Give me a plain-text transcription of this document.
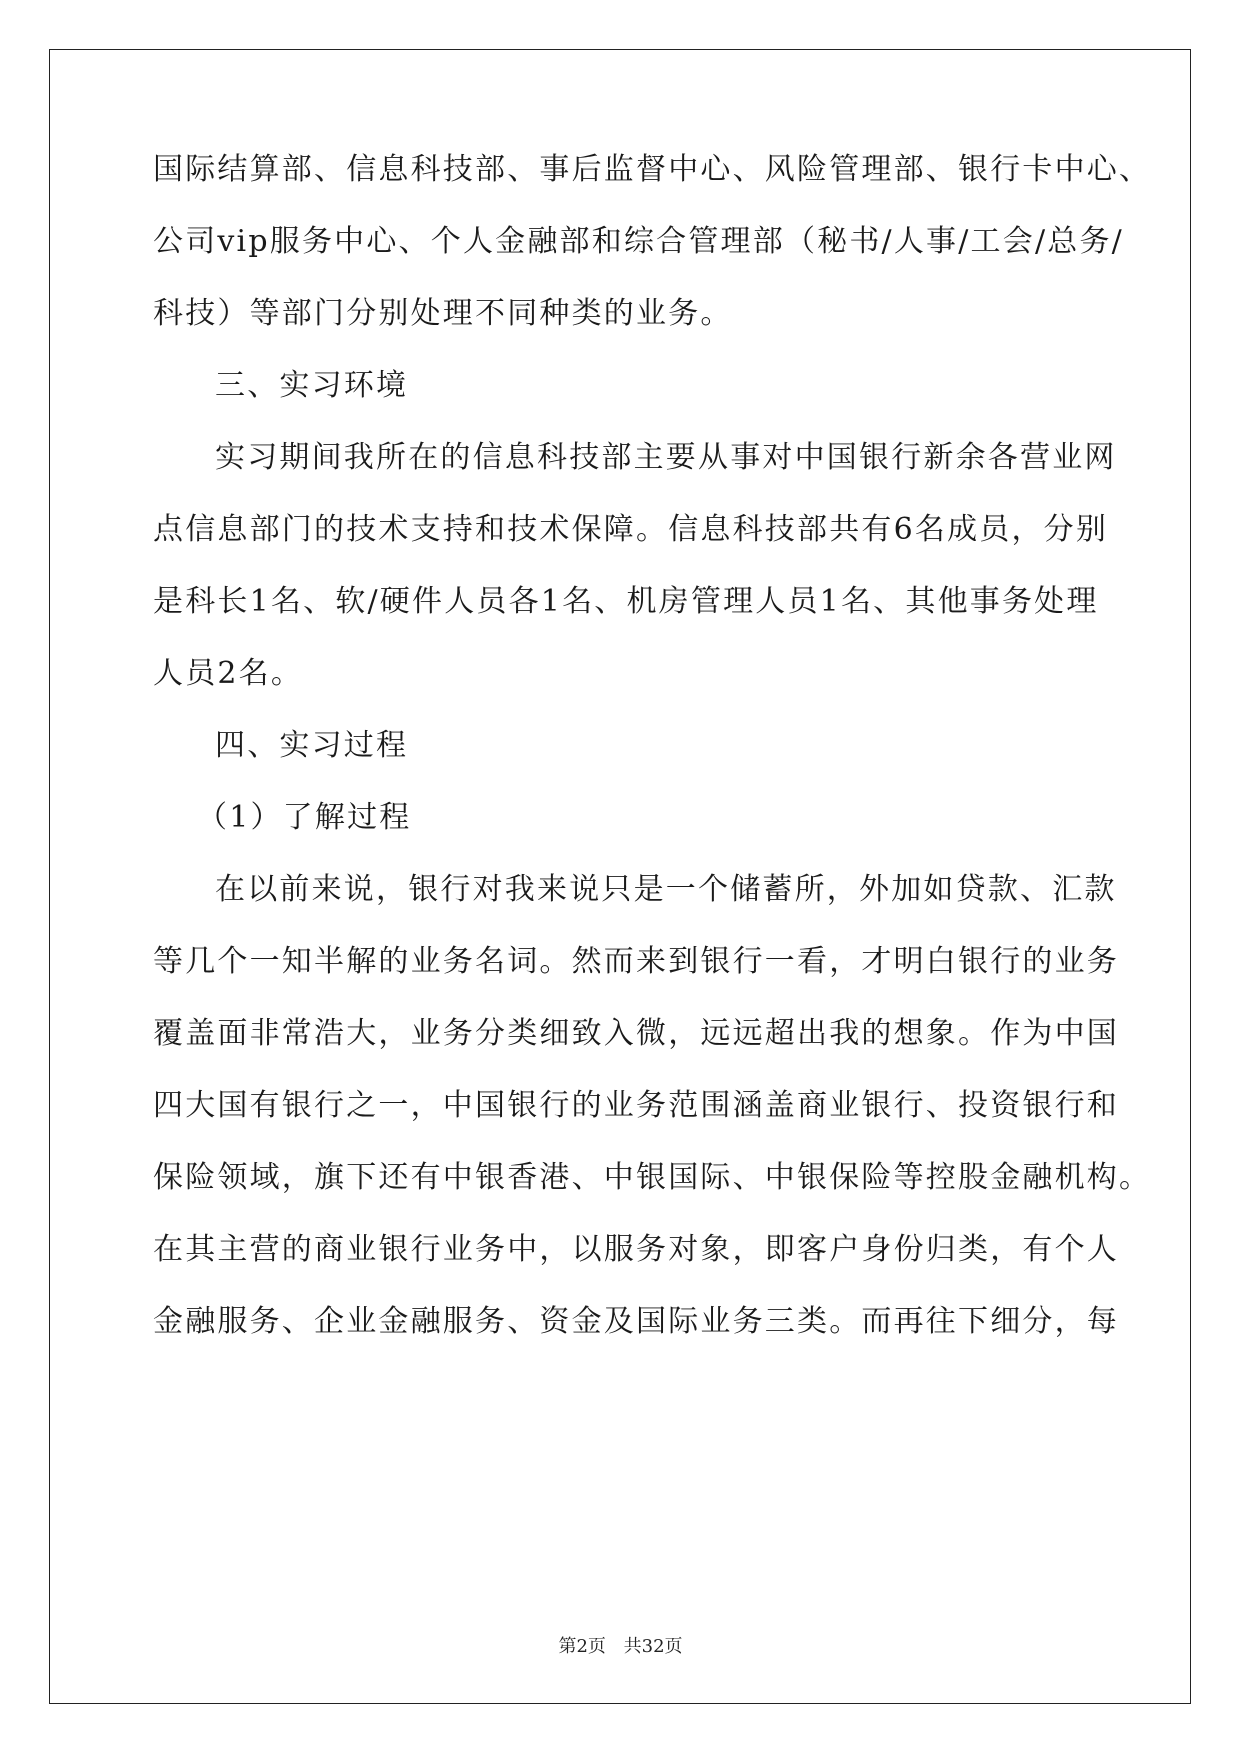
国际结算部、信息科技部、事后监督中心、风险管理部、银行卡中心、
公司vip服务中心、个人金融部和综合管理部（秘书/人事/工会/总务/
科技）等部门分别处理不同种类的业务。
三、实习环境
实习期间我所在的信息科技部主要从事对中国银行新余各营业网
点信息部门的技术支持和技术保障。信息科技部共有6名成员，分别
是科长1名、软/硬件人员各1名、机房管理人员1名、其他事务处理
人员2名。
四、实习过程
（1）了解过程
在以前来说，银行对我来说只是一个储蓄所，外加如贷款、汇款
等几个一知半解的业务名词。然而来到银行一看，才明白银行的业务
覆盖面非常浩大，业务分类细致入微，远远超出我的想象。作为中国
四大国有银行之一，中国银行的业务范围涵盖商业银行、投资银行和
保险领域，旗下还有中银香港、中银国际、中银保险等控股金融机构。
在其主营的商业银行业务中，以服务对象，即客户身份归类，有个人
金融服务、企业金融服务、资金及国际业务三类。而再往下细分，每
第2页 共32页
